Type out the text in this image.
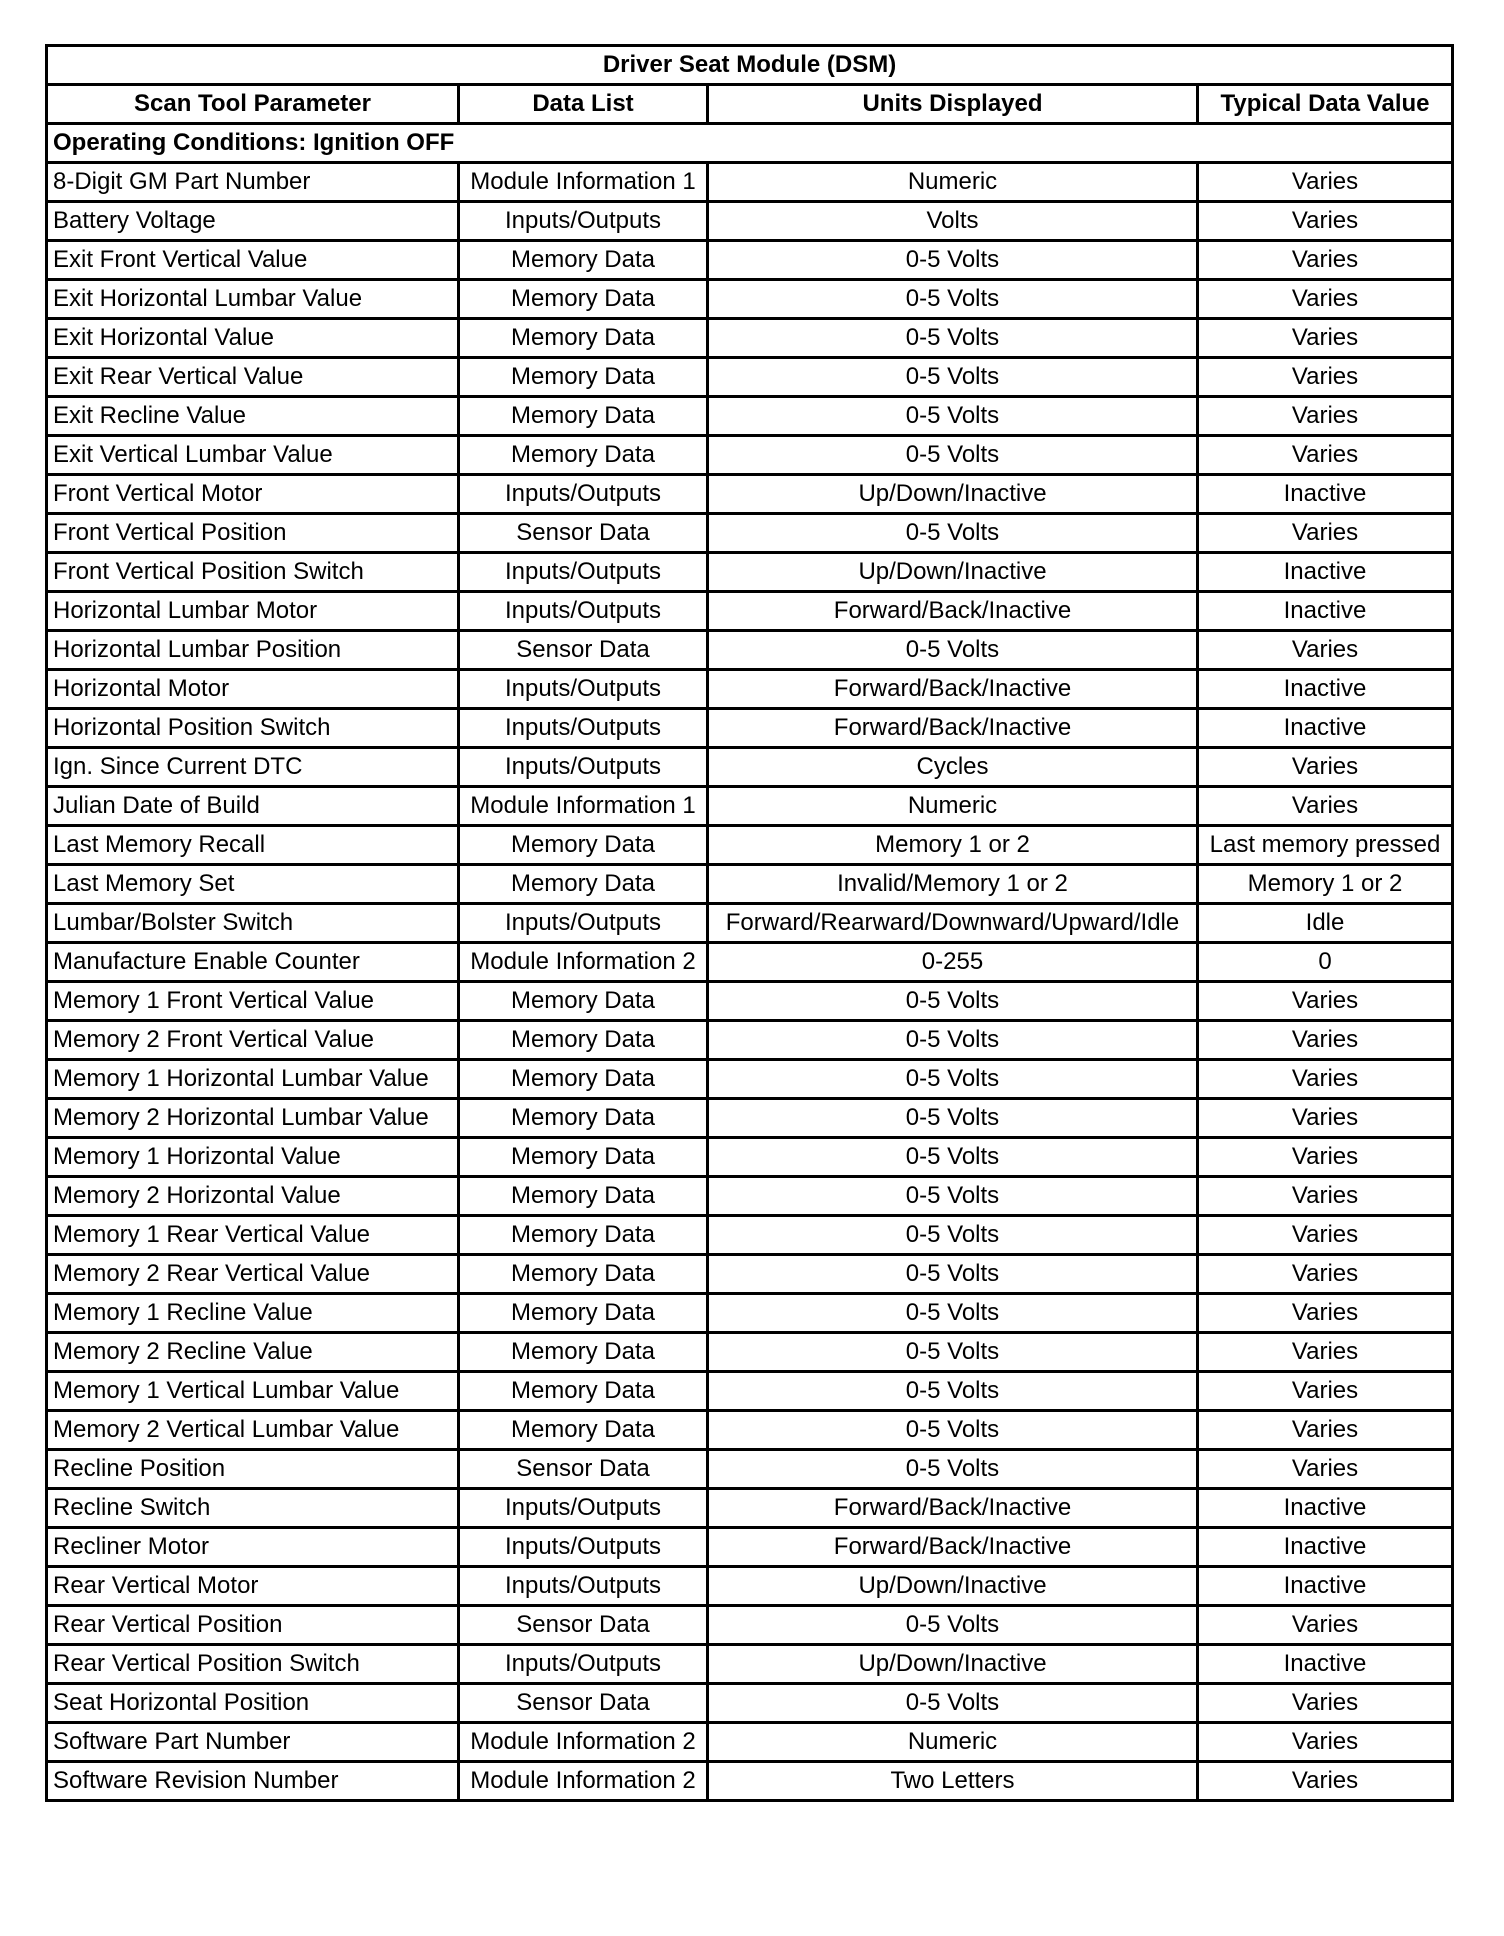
Driver Seat Module (DSM)			
Scan Tool Parameter	Data List	Units Displayed	Typical Data Value
Operating Conditions: Ignition OFF			
8-Digit GM Part Number	Module Information 1	Numeric	Varies
Battery Voltage	Inputs/Outputs	Volts	Varies
Exit Front Vertical Value	Memory Data	0-5 Volts	Varies
Exit Horizontal Lumbar Value	Memory Data	0-5 Volts	Varies
Exit Horizontal Value	Memory Data	0-5 Volts	Varies
Exit Rear Vertical Value	Memory Data	0-5 Volts	Varies
Exit Recline Value	Memory Data	0-5 Volts	Varies
Exit Vertical Lumbar Value	Memory Data	0-5 Volts	Varies
Front Vertical Motor	Inputs/Outputs	Up/Down/Inactive	Inactive
Front Vertical Position	Sensor Data	0-5 Volts	Varies
Front Vertical Position Switch	Inputs/Outputs	Up/Down/Inactive	Inactive
Horizontal Lumbar Motor	Inputs/Outputs	Forward/Back/Inactive	Inactive
Horizontal Lumbar Position	Sensor Data	0-5 Volts	Varies
Horizontal Motor	Inputs/Outputs	Forward/Back/Inactive	Inactive
Horizontal Position Switch	Inputs/Outputs	Forward/Back/Inactive	Inactive
Ign. Since Current DTC	Inputs/Outputs	Cycles	Varies
Julian Date of Build	Module Information 1	Numeric	Varies
Last Memory Recall	Memory Data	Memory 1 or 2	Last memory pressed
Last Memory Set	Memory Data	Invalid/Memory 1 or 2	Memory 1 or 2
Lumbar/Bolster Switch	Inputs/Outputs	Forward/Rearward/Downward/Upward/Idle	Idle
Manufacture Enable Counter	Module Information 2	0-255	0
Memory 1 Front Vertical Value	Memory Data	0-5 Volts	Varies
Memory 2 Front Vertical Value	Memory Data	0-5 Volts	Varies
Memory 1 Horizontal Lumbar Value	Memory Data	0-5 Volts	Varies
Memory 2 Horizontal Lumbar Value	Memory Data	0-5 Volts	Varies
Memory 1 Horizontal Value	Memory Data	0-5 Volts	Varies
Memory 2 Horizontal Value	Memory Data	0-5 Volts	Varies
Memory 1 Rear Vertical Value	Memory Data	0-5 Volts	Varies
Memory 2 Rear Vertical Value	Memory Data	0-5 Volts	Varies
Memory 1 Recline Value	Memory Data	0-5 Volts	Varies
Memory 2 Recline Value	Memory Data	0-5 Volts	Varies
Memory 1 Vertical Lumbar Value	Memory Data	0-5 Volts	Varies
Memory 2 Vertical Lumbar Value	Memory Data	0-5 Volts	Varies
Recline Position	Sensor Data	0-5 Volts	Varies
Recline Switch	Inputs/Outputs	Forward/Back/Inactive	Inactive
Recliner Motor	Inputs/Outputs	Forward/Back/Inactive	Inactive
Rear Vertical Motor	Inputs/Outputs	Up/Down/Inactive	Inactive
Rear Vertical Position	Sensor Data	0-5 Volts	Varies
Rear Vertical Position Switch	Inputs/Outputs	Up/Down/Inactive	Inactive
Seat Horizontal Position	Sensor Data	0-5 Volts	Varies
Software Part Number	Module Information 2	Numeric	Varies
Software Revision Number	Module Information 2	Two Letters	Varies
